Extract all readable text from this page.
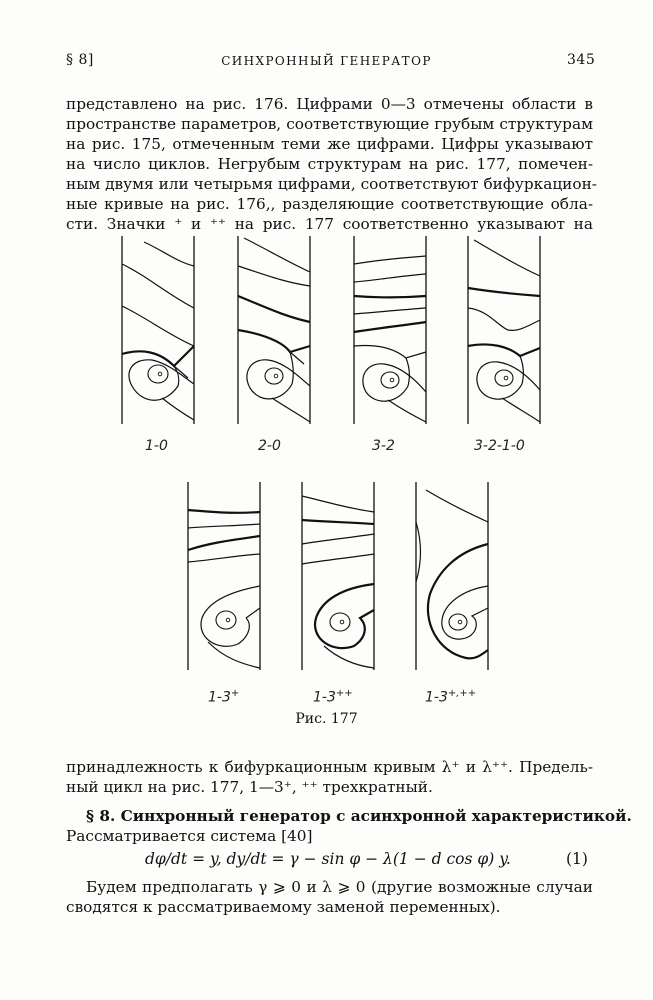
§ 8]	СИНХРОННЫЙ ГЕНЕРАТОР	345
представлено на рис. 176. Цифрами 0—3 отмечены области в
пространстве параметров, соответствующие грубым структурам
на рис. 175, отмеченным теми же цифрами. Цифры указывают
на число циклов. Негрубым структурам на рис. 177, помечен-
ным двумя или четырьмя цифрами, соответствуют бифуркацион-
ные кривые на рис. 176,, разделяющие соответствующие обла-
сти. Значки ⁺ и ⁺⁺ на рис. 177 соответственно указывают на
1-0	2-0	3-2	3-2-1-0
1-3+	1-3++	1-3+,++
Рис. 177
принадлежность к бифуркационным кривым λ⁺ и λ⁺⁺. Предель-
ный цикл на рис. 177, 1—3⁺, ⁺⁺ трехкратный.
§ 8. Синхронный генератор с асинхронной характеристикой.
Рассматривается система [40]
dφ/dt = y, dy/dt = γ − sin φ − λ(1 − d cos φ) y.	(1)
Будем предполагать γ ⩾ 0 и λ ⩾ 0 (другие возможные случаи
сводятся к рассматриваемому заменой переменных).
